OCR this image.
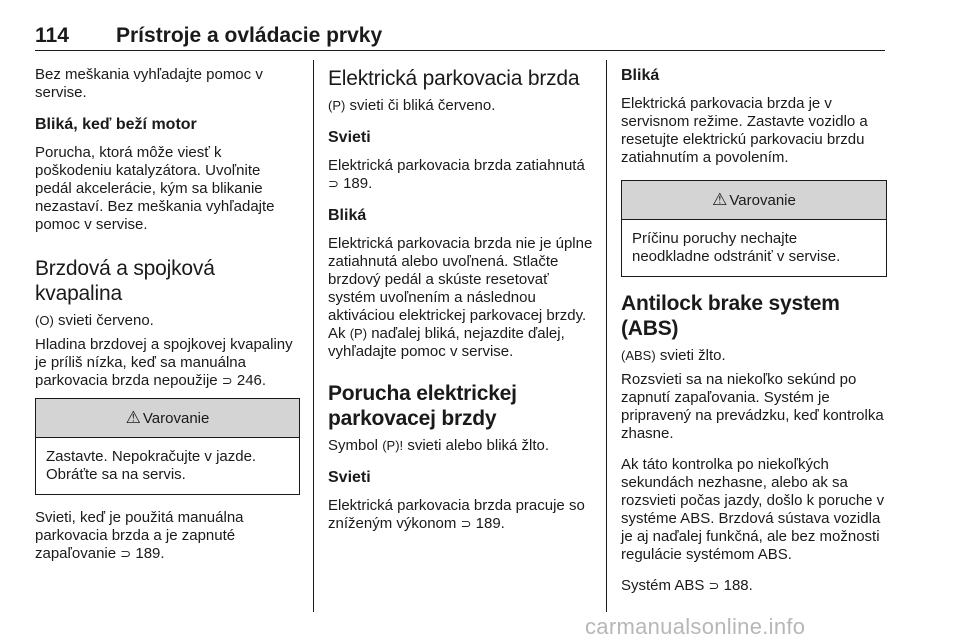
114 Prístroje a ovládacie prvky

Bez meškania vyhľadajte pomoc v servise.

Bliká, keď beží motor

Porucha, ktorá môže viesť k poškodeniu katalyzátora. Uvoľnite pedál akcelerácie, kým sa blikanie nezastaví. Bez meškania vyhľadajte pomoc v servise.

Brzdová a spojková kvapalina

(O) svieti červeno.

Hladina brzdovej a spojkovej kvapaliny je príliš nízka, keď sa manuálna parkovacia brzda nepoužije ⊃ 246.

⚠ Varovanie

Zastavte. Nepokračujte v jazde. Obráťte sa na servis.

Svieti, keď je použitá manuálna parkovacia brzda a je zapnuté zapaľovanie ⊃ 189.

Elektrická parkovacia brzda

(P) svieti či bliká červeno.

Svieti

Elektrická parkovacia brzda zatiahnutá ⊃ 189.

Bliká

Elektrická parkovacia brzda nie je úplne zatiahnutá alebo uvoľnená. Stlačte brzdový pedál a skúste resetovať systém uvoľnením a následnou aktiváciou elektrickej parkovacej brzdy. Ak (P) naďalej bliká, nejazdite ďalej, vyhľadajte pomoc v servise.

Porucha elektrickej parkovacej brzdy

Symbol (P)! svieti alebo bliká žlto.

Svieti

Elektrická parkovacia brzda pracuje so zníženým výkonom ⊃ 189.

Bliká

Elektrická parkovacia brzda je v servisnom režime. Zastavte vozidlo a resetujte elektrickú parkovaciu brzdu zatiahnutím a povolením.

⚠ Varovanie

Príčinu poruchy nechajte neodkladne odstrániť v servise.

Antilock brake system (ABS)

(ABS) svieti žlto.

Rozsvieti sa na niekoľko sekúnd po zapnutí zapaľovania. Systém je pripravený na prevádzku, keď kontrolka zhasne.

Ak táto kontrolka po niekoľkých sekundách nezhasne, alebo ak sa rozsvieti počas jazdy, došlo k poruche v systéme ABS. Brzdová sústava vozidla je aj naďalej funkčná, ale bez možnosti regulácie systémom ABS.

Systém ABS ⊃ 188.

carmanualsonline.info
